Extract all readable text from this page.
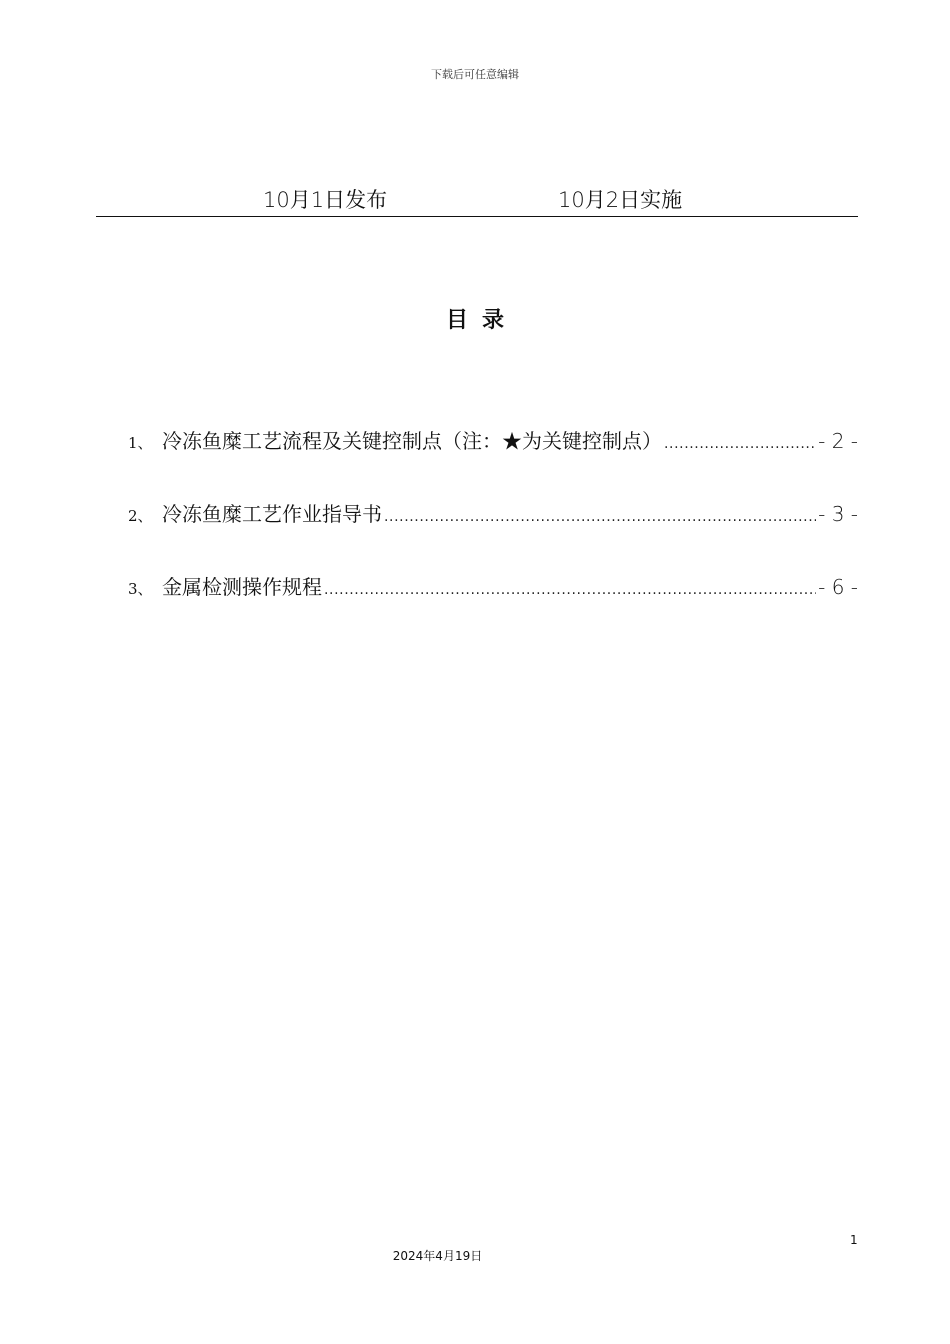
下载后可任意编辑
10月1日发布	10月2日实施
目录
1、 冷冻鱼糜工艺流程及关键控制点（注：★为关键控制点） .....	- 2 -
2、 冷冻鱼糜工艺作业指导书 .....	- 3 -
3、 金属检测操作规程 .....	- 6 -
1
2024年4月19日
